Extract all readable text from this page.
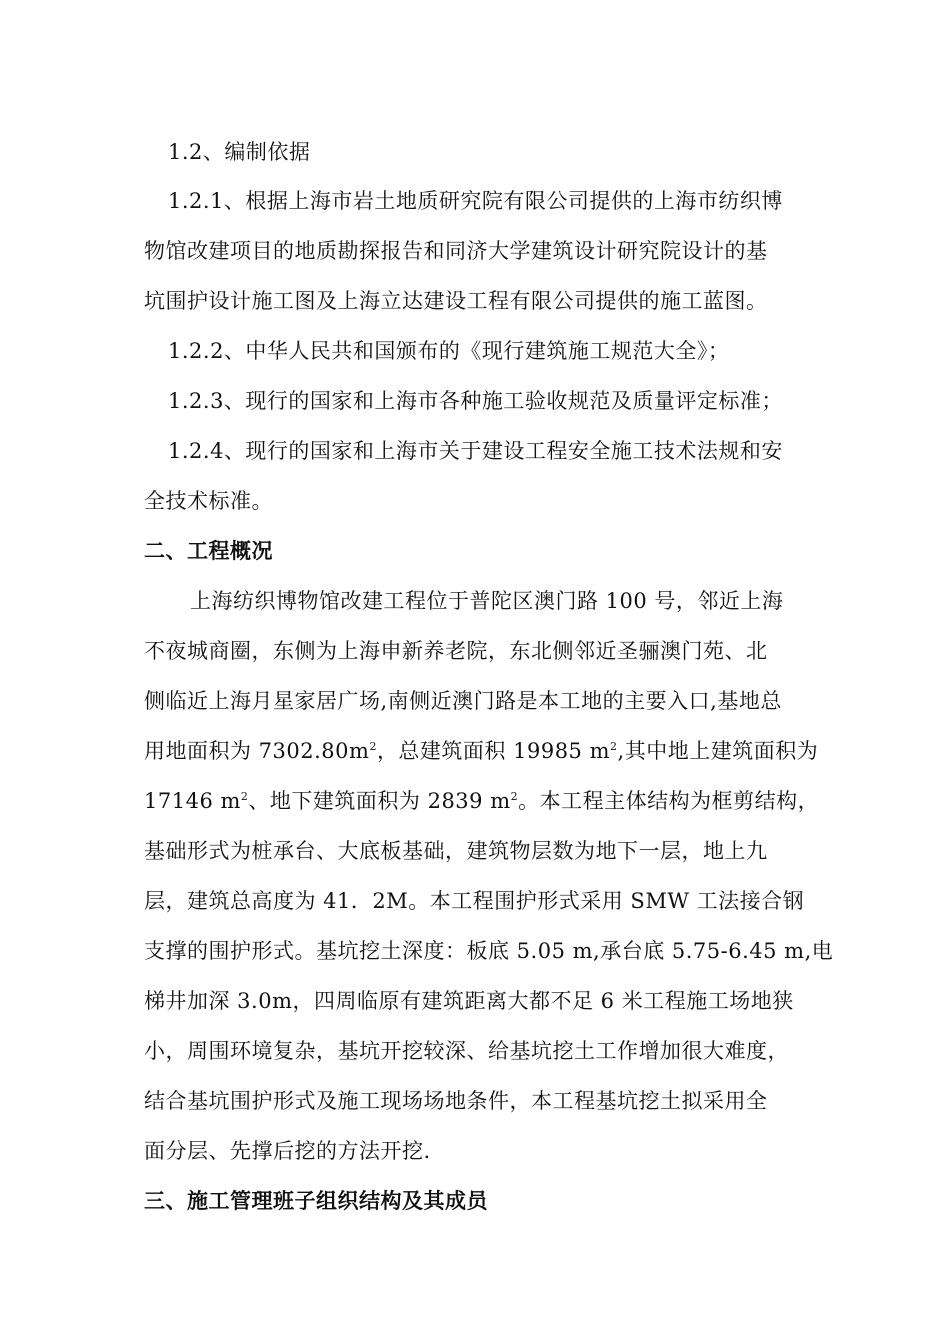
1.2、编制依据
1.2.1、根据上海市岩土地质研究院有限公司提供的上海市纺织博
物馆改建项目的地质勘探报告和同济大学建筑设计研究院设计的基
坑围护设计施工图及上海立达建设工程有限公司提供的施工蓝图。
1.2.2、中华人民共和国颁布的《现行建筑施工规范大全》；
1.2.3、现行的国家和上海市各种施工验收规范及质量评定标准；
1.2.4、现行的国家和上海市关于建设工程安全施工技术法规和安
全技术标准。
二、工程概况
上海纺织博物馆改建工程位于普陀区澳门路 100 号，邻近上海
不夜城商圈，东侧为上海申新养老院，东北侧邻近圣骊澳门苑、北
侧临近上海月星家居广场,南侧近澳门路是本工地的主要入口,基地总
用地面积为 $7302.80m^2$，总建筑面积 19985 $m^2$,其中地上建筑面积为
17146 $m^2$、地下建筑面积为 2839 $m^2$。本工程主体结构为框剪结构，
基础形式为桩承台、大底板基础，建筑物层数为地下一层，地上九
层，建筑总高度为 41．2M。本工程围护形式采用 SMW 工法接合钢
支撑的围护形式。基坑挖土深度：板底 5.05 m,承台底 5.75-6.45 m,电
梯井加深 3.0m，四周临原有建筑距离大都不足 6 米工程施工场地狭
小，周围环境复杂，基坑开挖较深、给基坑挖土工作增加很大难度，
结合基坑围护形式及施工现场场地条件，本工程基坑挖土拟采用全
面分层、先撑后挖的方法开挖.
三、施工管理班子组织结构及其成员
